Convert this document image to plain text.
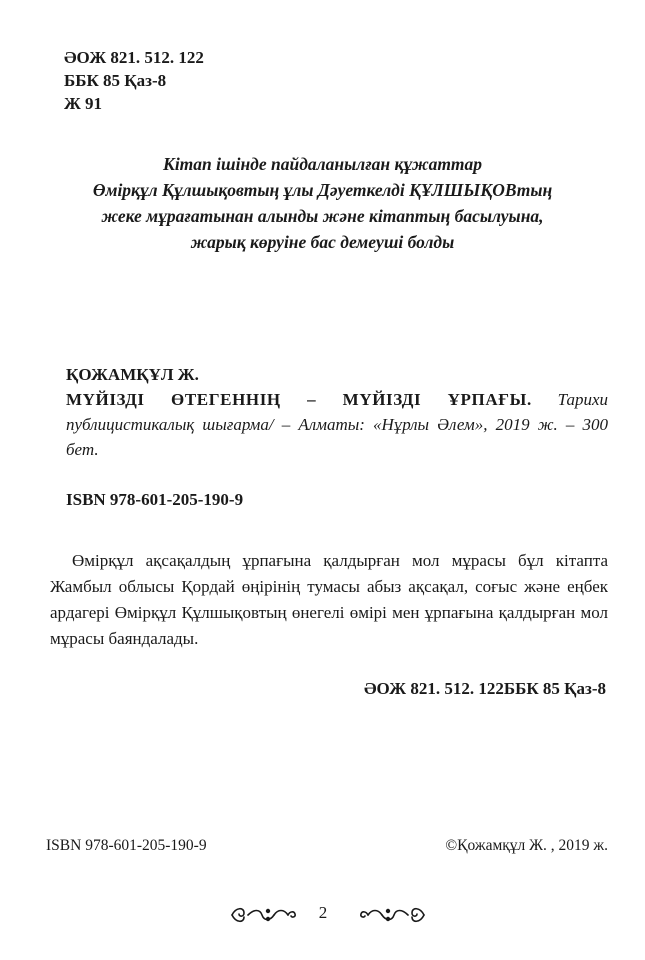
ӘОЖ 821. 512. 122
ББК 85 Қаз-8
Ж 91
Кітап ішінде пайдаланылған құжаттар
Өмірқұл Құлшықовтың ұлы Дәуеткелді ҚҰЛШЫҚОВтың
жеке мұрағатынан алынды және кітаптың басылуына,
жарық көруіне бас демеуші болды
ҚОЖАМҚҰЛ Ж.
МҮЙІЗДІ ӨТЕГЕННІҢ – МҮЙІЗДІ ҰРПАҒЫ. Тарихи публицистикалық шығарма/ – Алматы: «Нұрлы Әлем», 2019 ж. – 300 бет.
ISBN 978-601-205-190-9
Өмірқұл ақсақалдың ұрпағына қалдырған мол мұрасы бұл кітапта Жамбыл облысы Қордай өңірінің тумасы абыз ақсақал, соғыс және еңбек ардагері Өмірқұл Құлшықовтың өнегелі өмірі мен ұрпағына қалдырған мол мұрасы баяндалады.
ӘОЖ 821. 512. 122ББК 85 Қаз-8
ISBN 978-601-205-190-9	©Қожамқұл Ж. , 2019 ж.
2
